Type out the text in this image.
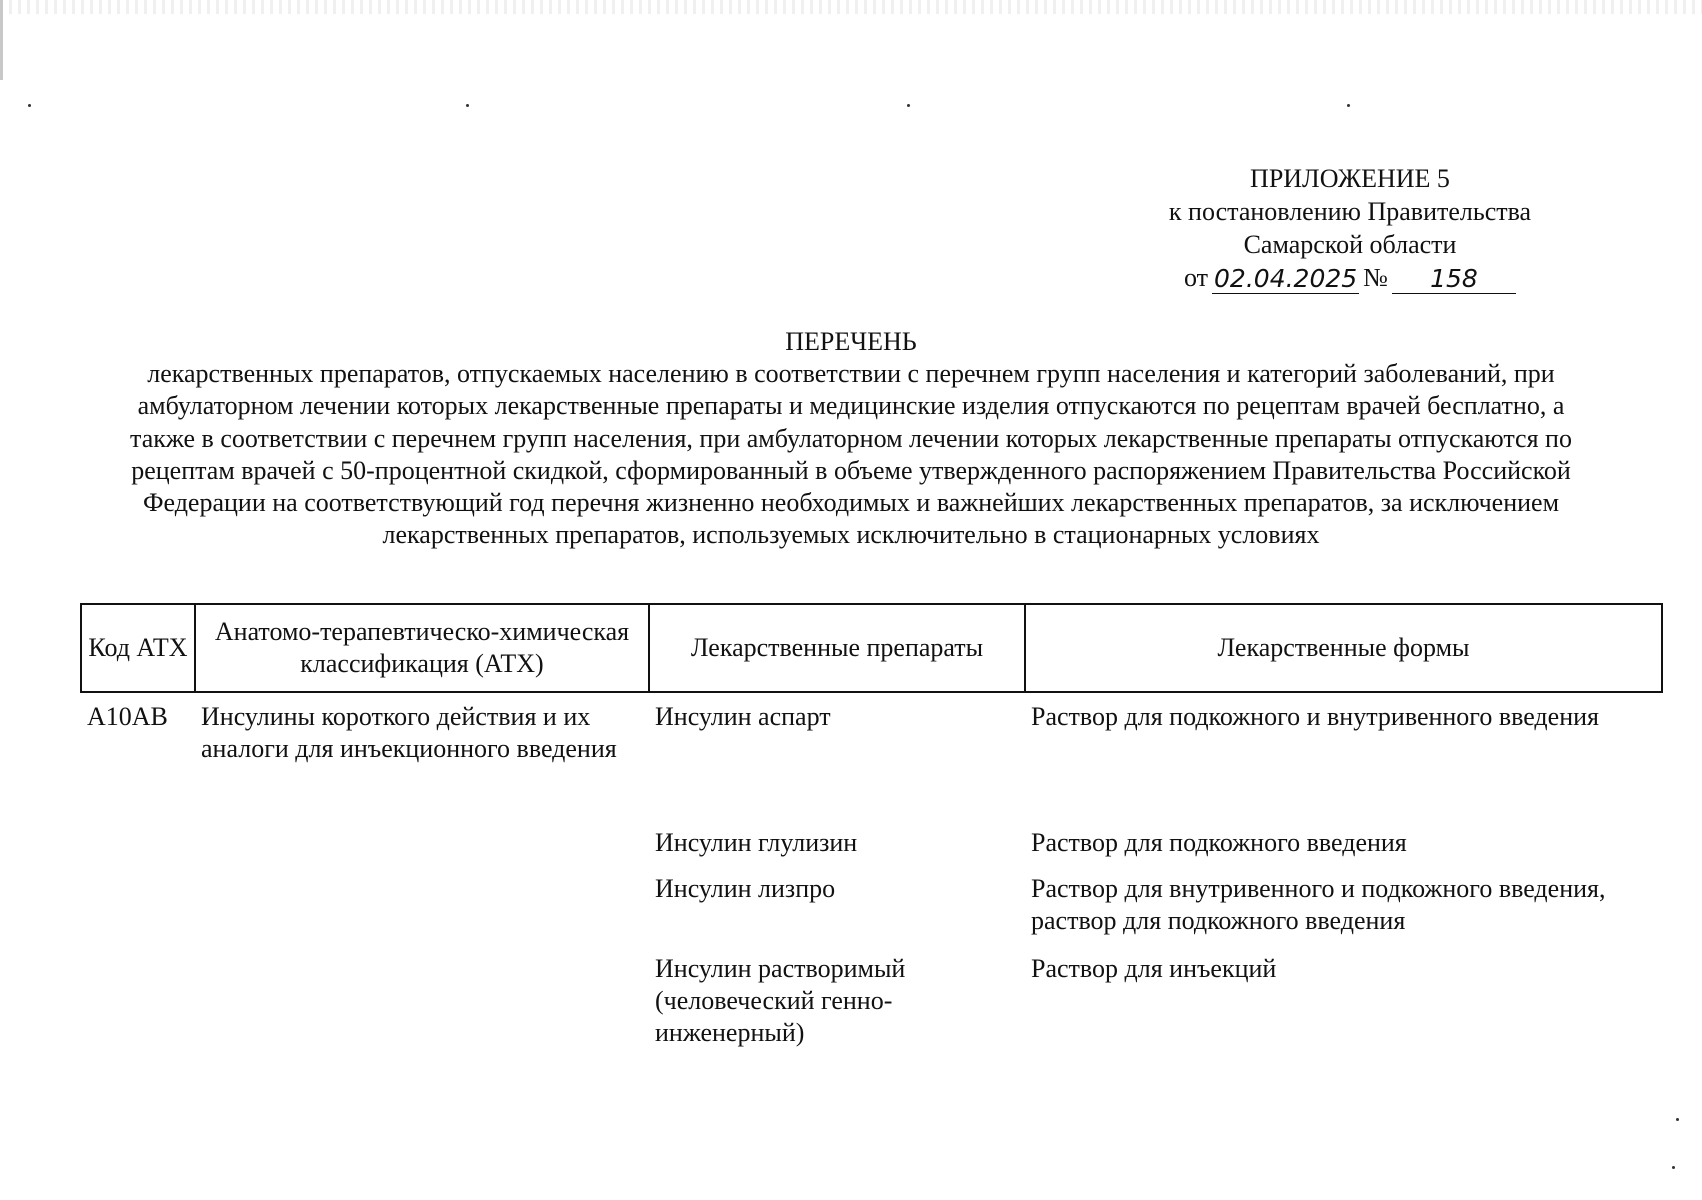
ПРИЛОЖЕНИЕ 5
к постановлению Правительства
Самарской области
от 02.04.2025 №	158
ПЕРЕЧЕНЬ
лекарственных препаратов, отпускаемых населению в соответствии с перечнем групп населения и категорий заболеваний, при амбулаторном лечении которых лекарственные препараты и медицинские изделия отпускаются по рецептам врачей бесплатно, а также в соответствии с перечнем групп населения, при амбулаторном лечении которых лекарственные препараты отпускаются по рецептам врачей с 50-процентной скидкой, сформированный в объеме утвержденного распоряжением Правительства Российской Федерации на соответствующий год перечня жизненно необходимых и важнейших лекарственных препаратов, за исключением лекарственных препаратов, используемых исключительно в стационарных условиях
Код АТХ	Анатомо-терапевтическо-химическая классификация (АТХ)	Лекарственные препараты	Лекарственные формы
A10AB	Инсулины короткого действия и их аналоги для инъекционного введения	Инсулин аспарт	Раствор для подкожного и внутривенного введения
		Инсулин глулизин	Раствор для подкожного введения
		Инсулин лизпро	Раствор для внутривенного и подкожного введения, раствор для подкожного введения
		Инсулин растворимый (человеческий генно-инженерный)	Раствор для инъекций
